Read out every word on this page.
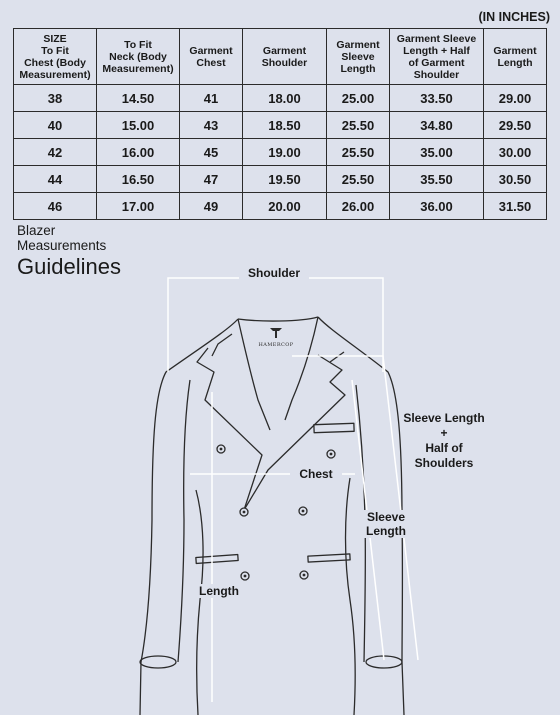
(IN INCHES)
SIZE
To Fit
Chest (Body
Measurement)	To Fit
Neck (Body
Measurement)	Garment
Chest	Garment
Shoulder	Garment
Sleeve
Length	Garment Sleeve
Length + Half
of Garment
Shoulder	Garment
Length
38	14.50	41	18.00	25.00	33.50	29.00
40	15.00	43	18.50	25.50	34.80	29.50
42	16.00	45	19.00	25.50	35.00	30.00
44	16.50	47	19.50	25.50	35.50	30.50
46	17.00	49	20.00	26.00	36.00	31.50
Blazer
Measurements
Guidelines
HAMERCOP
Shoulder
Sleeve Length
+
Half of
Shoulders
Chest
Sleeve
Length
Length
